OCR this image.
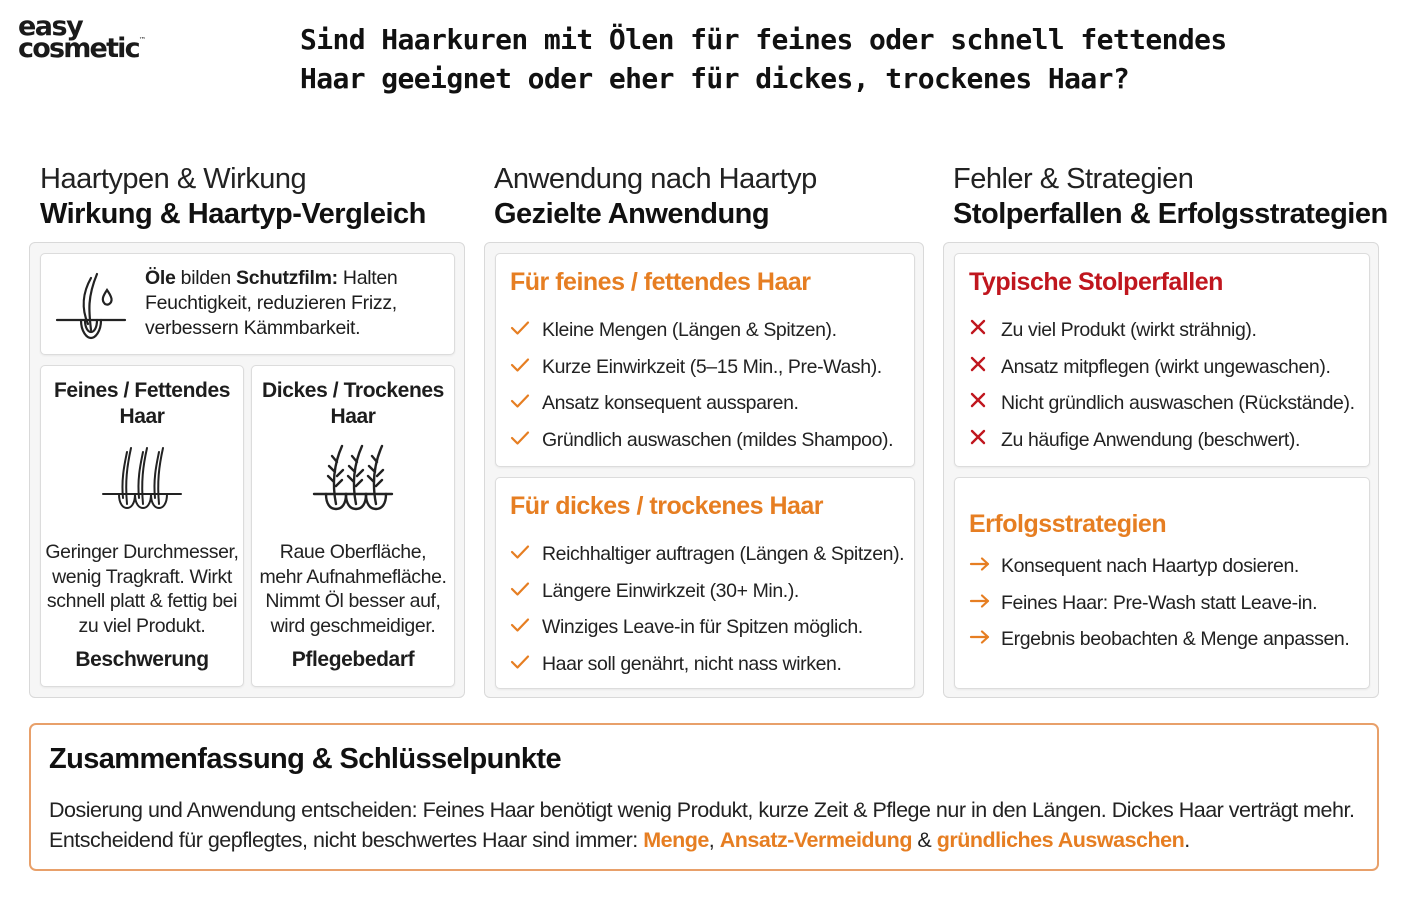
easy
cosmetic™	Sind Haarkuren mit Ölen für feines oder schnell fettendes
Haar geeignet oder eher für dickes, trockenes Haar?
Haartypen & Wirkung
Wirkung & Haartyp-Vergleich
Anwendung nach Haartyp
Gezielte Anwendung
Fehler & Strategien
Stolperfallen & Erfolgsstrategien
Öle bilden Schutzfilm: Halten Feuchtigkeit, reduzieren Frizz, verbessern Kämmbarkeit.
Feines / Fettendes Haar
Geringer Durchmesser, wenig Tragkraft. Wirkt schnell platt & fettig bei zu viel Produkt.
Beschwerung
Dickes / Trockenes Haar
Raue Oberfläche, mehr Aufnahmefläche. Nimmt Öl besser auf, wird geschmeidiger.
Pflegebedarf
Für feines / fettendes Haar
Kleine Mengen (Längen & Spitzen).
Kurze Einwirkzeit (5–15 Min., Pre-Wash).
Ansatz konsequent aussparen.
Gründlich auswaschen (mildes Shampoo).
Für dickes / trockenes Haar
Reichhaltiger auftragen (Längen & Spitzen).
Längere Einwirkzeit (30+ Min.).
Winziges Leave-in für Spitzen möglich.
Haar soll genährt, nicht nass wirken.
Typische Stolperfallen
Zu viel Produkt (wirkt strähnig).
Ansatz mitpflegen (wirkt ungewaschen).
Nicht gründlich auswaschen (Rückstände).
Zu häufige Anwendung (beschwert).
Erfolgsstrategien
Konsequent nach Haartyp dosieren.
Feines Haar: Pre-Wash statt Leave-in.
Ergebnis beobachten & Menge anpassen.
Zusammenfassung & Schlüsselpunkte

Dosierung und Anwendung entscheiden: Feines Haar benötigt wenig Produkt, kurze Zeit & Pflege nur in den Längen. Dickes Haar verträgt mehr.
Entscheidend für gepflegtes, nicht beschwertes Haar sind immer: Menge, Ansatz-Vermeidung & gründliches Auswaschen.
